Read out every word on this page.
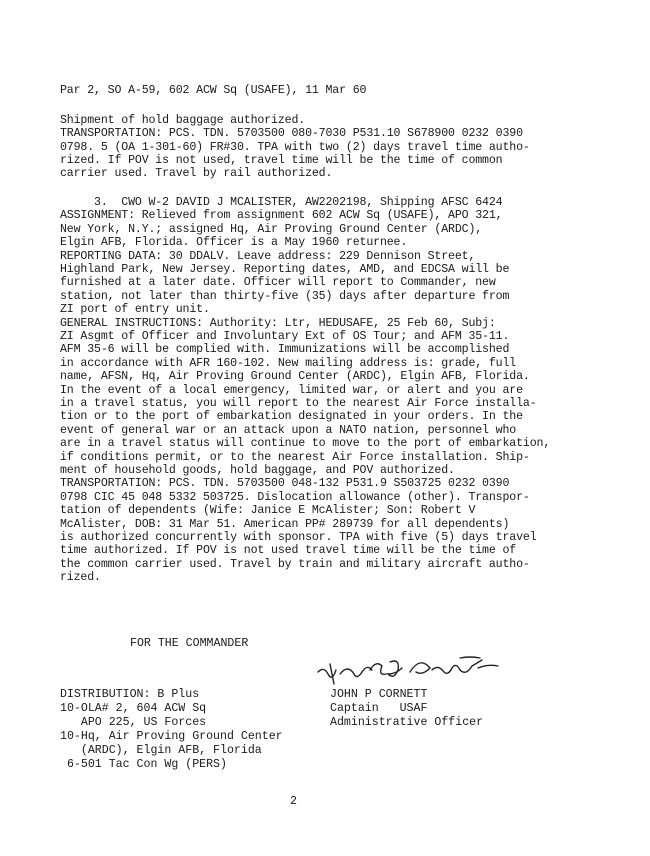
Par 2, SO A-59, 602 ACW Sq (USAFE), 11 Mar 60
Shipment of hold baggage authorized.
TRANSPORTATION: PCS. TDN. 5703500 080-7030 P531.10 S678900 0232 0390
0798. 5 (OA 1-301-60) FR#30. TPA with two (2) days travel time autho-
rized. If POV is not used, travel time will be the time of common
carrier used. Travel by rail authorized.
3.  CWO W-2 DAVID J MCALISTER, AW2202198, Shipping AFSC 6424
ASSIGNMENT: Relieved from assignment 602 ACW Sq (USAFE), APO 321,
New York, N.Y.; assigned Hq, Air Proving Ground Center (ARDC),
Elgin AFB, Florida. Officer is a May 1960 returnee.
REPORTING DATA: 30 DDALV. Leave address: 229 Dennison Street,
Highland Park, New Jersey. Reporting dates, AMD, and EDCSA will be
furnished at a later date. Officer will report to Commander, new
station, not later than thirty-five (35) days after departure from
ZI port of entry unit.
GENERAL INSTRUCTIONS: Authority: Ltr, HEDUSAFE, 25 Feb 60, Subj:
ZI Asgmt of Officer and Involuntary Ext of OS Tour; and AFM 35-11.
AFM 35-6 will be complied with. Immunizations will be accomplished
in accordance with AFR 160-102. New mailing address is: grade, full
name, AFSN, Hq, Air Proving Ground Center (ARDC), Elgin AFB, Florida.
In the event of a local emergency, limited war, or alert and you are
in a travel status, you will report to the nearest Air Force installa-
tion or to the port of embarkation designated in your orders. In the
event of general war or an attack upon a NATO nation, personnel who
are in a travel status will continue to move to the port of embarkation,
if conditions permit, or to the nearest Air Force installation. Ship-
ment of household goods, hold baggage, and POV authorized.
TRANSPORTATION: PCS. TDN. 5703500 048-132 P531.9 S503725 0232 0390
0798 CIC 45 048 5332 503725. Dislocation allowance (other). Transpor-
tation of dependents (Wife: Janice E McAlister; Son: Robert V
McAlister, DOB: 31 Mar 51. American PP# 289739 for all dependents)
is authorized concurrently with sponsor. TPA with five (5) days travel
time authorized. If POV is not used travel time will be the time of
the common carrier used. Travel by train and military aircraft autho-
rized.
FOR THE COMMANDER
DISTRIBUTION: B Plus
10-OLA# 2, 604 ACW Sq
APO 225, US Forces
10-Hq, Air Proving Ground Center
(ARDC), Elgin AFB, Florida
6-501 Tac Con Wg (PERS)
JOHN P CORNETT
Captain   USAF
Administrative Officer
2
